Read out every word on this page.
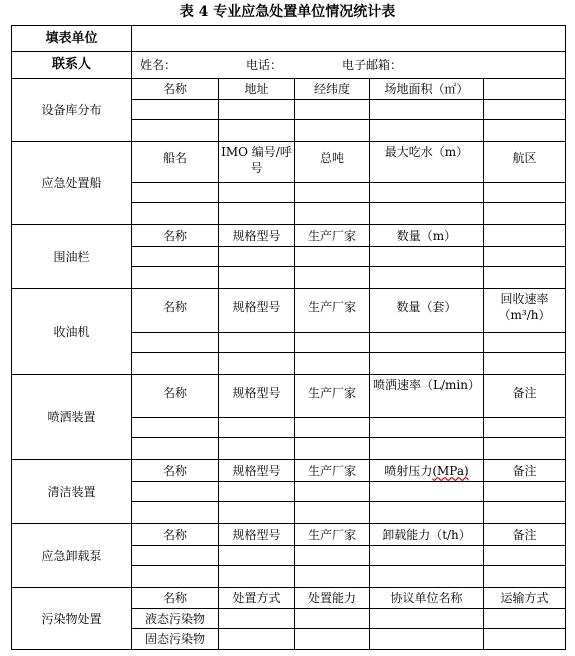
表 4 专业应急处置单位情况统计表
填表单位					
联系人	姓名： 电话： 电子邮箱：				
设备库分布	名称	地址	经纬度	场地面积（㎡）	

应急处置船	船名	IMO 编号/呼号	总吨	最大吃水（m）	航区

围油栏	名称	规格型号	生产厂家	数量（m）	

收油机	名称	规格型号	生产厂家	数量（套）	回收速率（m³/h）

喷洒装置	名称	规格型号	生产厂家	喷洒速率（L/min）	备注

清洁装置	名称	规格型号	生产厂家	喷射压力(MPa)	备注

应急卸载泵	名称	规格型号	生产厂家	卸载能力（t/h）	备注

污染物处置	名称	处置方式	处置能力	协议单位名称	运输方式
	液态污染物				
	固态污染物				
